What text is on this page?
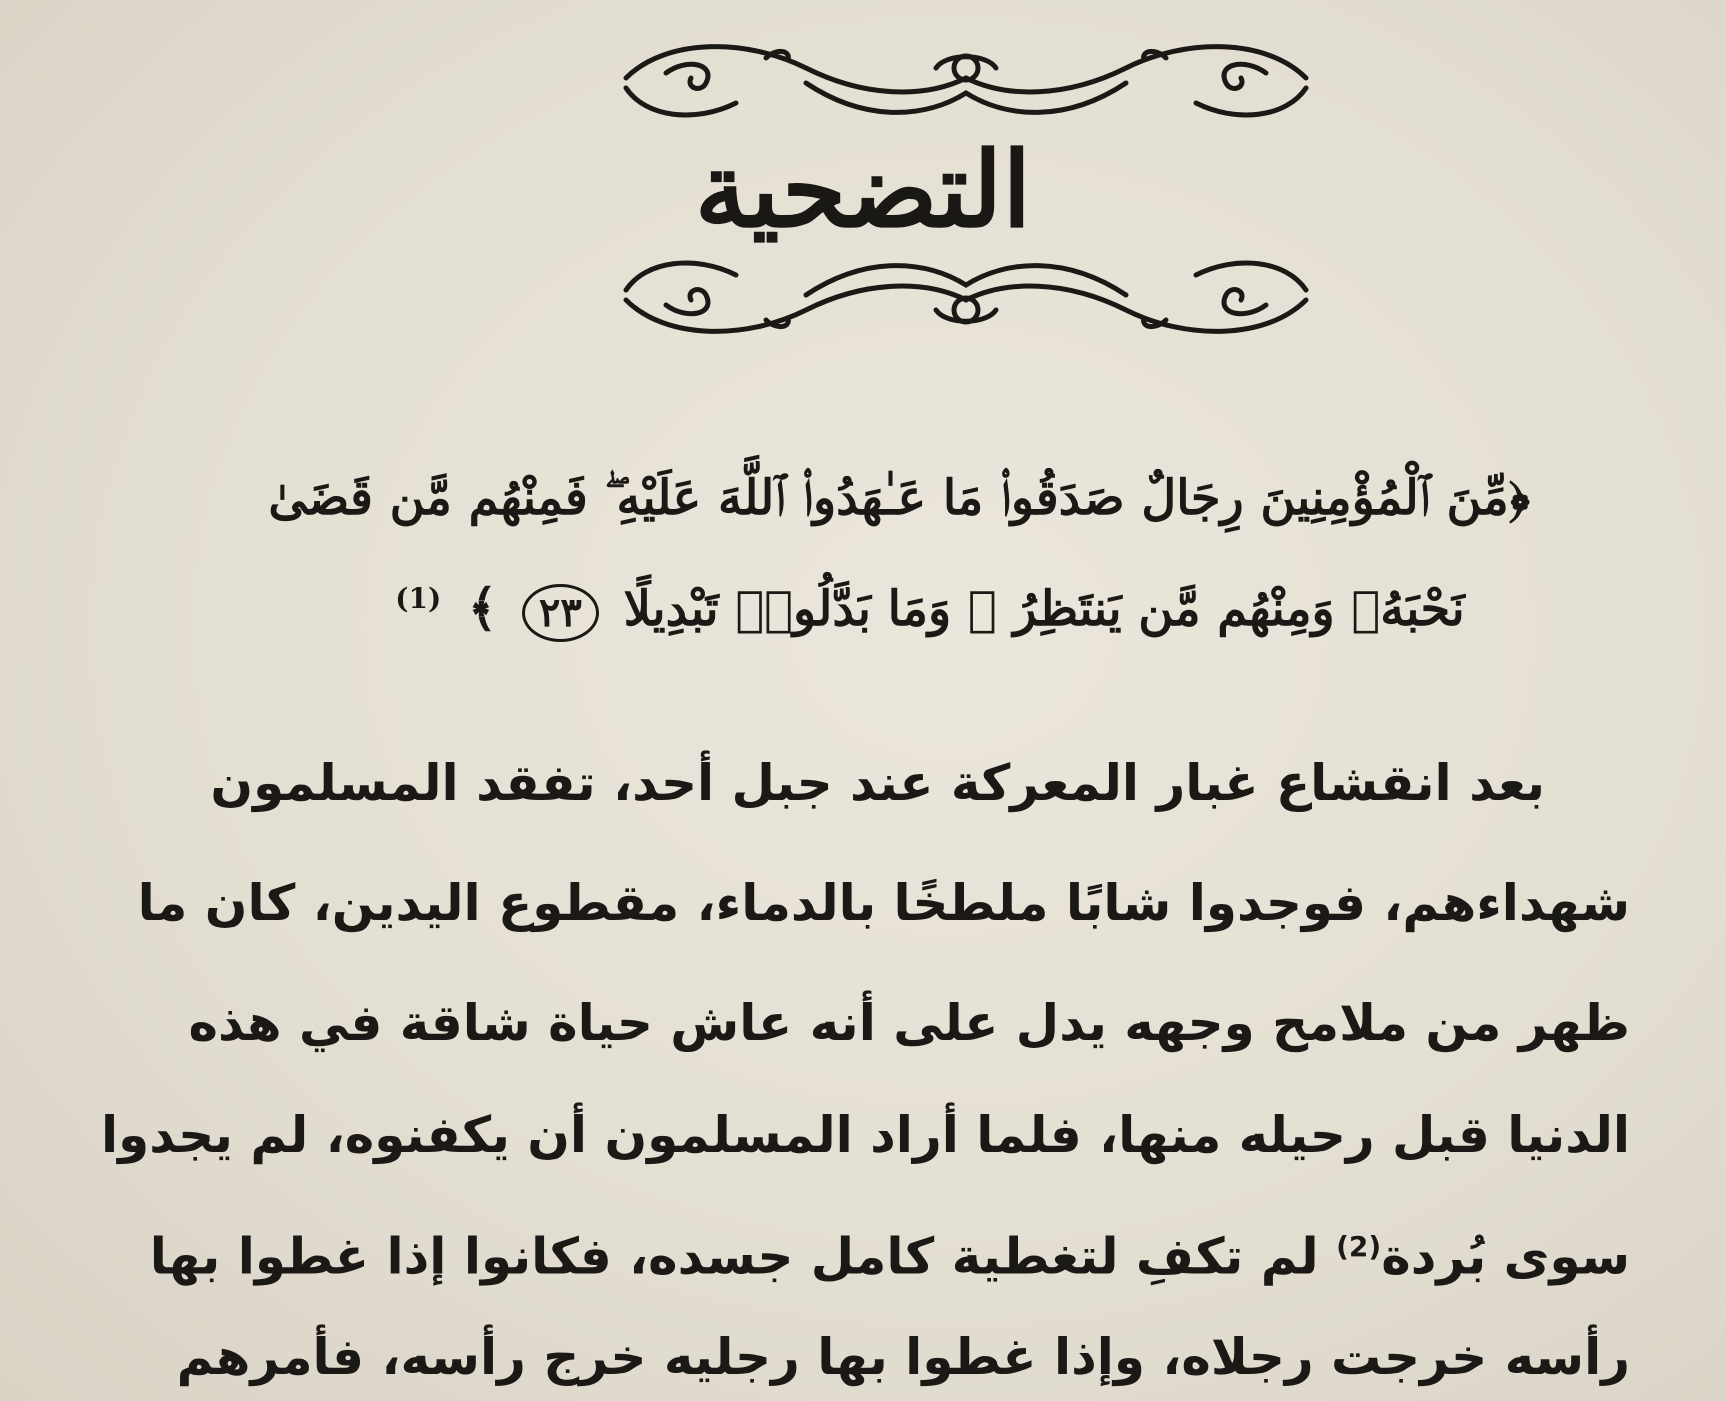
التضحية
﴿مِّنَ ٱلْمُؤْمِنِينَ رِجَالٌ صَدَقُوا۟ مَا عَـٰهَدُوا۟ ٱللَّهَ عَلَيْهِ ۖ فَمِنْهُم مَّن قَضَىٰ
نَحْبَهُۥ وَمِنْهُم مَّن يَنتَظِرُ ۖ وَمَا بَدَّلُوا۟ تَبْدِيلًا ٢٣ ﴾ $^{(1)}$
بعد انقشاع غبار المعركة عند جبل أحد، تفقد المسلمون
شهداءهم، فوجدوا شابًا ملطخًا بالدماء، مقطوع اليدين، كان ما
ظهر من ملامح وجهه يدل على أنه عاش حياة شاقة في هذه
الدنيا قبل رحيله منها، فلما أراد المسلمون أن يكفنوه، لم يجدوا
سوى بُردة$^{(2)}$ لم تكفِ لتغطية كامل جسده، فكانوا إذا غطوا بها
رأسه خرجت رجلاه، وإذا غطوا بها رجليه خرج رأسه، فأمرهم
